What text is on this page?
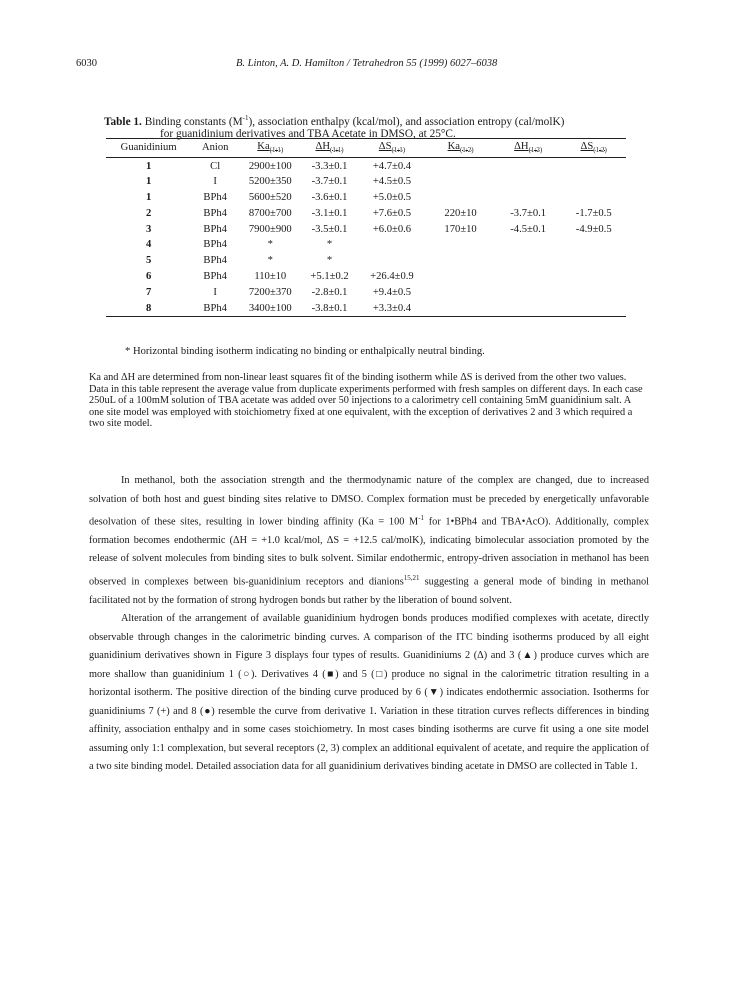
6030	B. Linton, A. D. Hamilton / Tetrahedron 55 (1999) 6027–6038
Table 1. Binding constants $(M^{-1})$, association enthalpy (kcal/mol), and association entropy (cal/molK)
for guanidinium derivatives and TBA Acetate in DMSO, at 25°C.
Guanidinium	Anion	$Ka_{(1:1)}$	$\Delta H_{(1:1)}$	$\Delta S_{(1:1)}$	$Ka_{(1:2)}$	$\Delta H_{(1:2)}$	$\Delta S_{(1:2)}$
1	Cl	2900±100	-3.3±0.1	+4.7±0.4			
1	I	5200±350	-3.7±0.1	+4.5±0.5			
1	BPh4	5600±520	-3.6±0.1	+5.0±0.5			
2	BPh4	8700±700	-3.1±0.1	+7.6±0.5	220±10	-3.7±0.1	-1.7±0.5
3	BPh4	7900±900	-3.5±0.1	+6.0±0.6	170±10	-4.5±0.1	-4.9±0.5
4	BPh4	*	*				
5	BPh4	*	*				
6	BPh4	110±10	+5.1±0.2	+26.4±0.9			
7	I	7200±370	-2.8±0.1	+9.4±0.5			
8	BPh4	3400±100	-3.8±0.1	+3.3±0.4			
* Horizontal binding isotherm indicating no binding or enthalpically neutral binding.
Ka and ΔH are determined from non-linear least squares fit of the binding isotherm while ΔS is derived from the other two values. Data in this table represent the average value from duplicate experiments performed with fresh samples on different days. In each case 250uL of a 100mM solution of TBA acetate was added over 50 injections to a calorimetry cell containing 5mM guanidinium salt. A one site model was employed with stoichiometry fixed at one equivalent, with the exception of derivatives 2 and 3 which required a two site model.

In methanol, both the association strength and the thermodynamic nature of the complex are changed, due to increased solvation of both host and guest binding sites relative to DMSO. Complex formation must be preceded by energetically unfavorable desolvation of these sites, resulting in lower binding affinity (Ka = 100 $M^{-1}$ for 1•BPh4 and TBA•AcO). Additionally, complex formation becomes endothermic (ΔH = +1.0 kcal/mol, ΔS = +12.5 cal/molK), indicating bimolecular association promoted by the release of solvent molecules from binding sites to bulk solvent. Similar endothermic, entropy-driven association in methanol has been observed in complexes between bis-guanidinium receptors and dianions$^{15,21}$ suggesting a general mode of binding in methanol facilitated not by the formation of strong hydrogen bonds but rather by the liberation of bound solvent.

Alteration of the arrangement of available guanidinium hydrogen bonds produces modified complexes with acetate, directly observable through changes in the calorimetric binding curves. A comparison of the ITC binding isotherms produced by all eight guanidinium derivatives shown in Figure 3 displays four types of results. Guanidiniums 2 (Δ) and 3 (▲) produce curves which are more shallow than guanidinium 1 (○). Derivatives 4 (■) and 5 (□) produce no signal in the calorimetric titration resulting in a horizontal isotherm. The positive direction of the binding curve produced by 6 (▼) indicates endothermic association. Isotherms for guanidiniums 7 (+) and 8 (●) resemble the curve from derivative 1. Variation in these titration curves reflects differences in binding affinity, association enthalpy and in some cases stoichiometry. In most cases binding isotherms are curve fit using a one site model assuming only 1:1 complexation, but several receptors (2, 3) complex an additional equivalent of acetate, and require the application of a two site binding model. Detailed association data for all guanidinium derivatives binding acetate in DMSO are collected in Table 1.
